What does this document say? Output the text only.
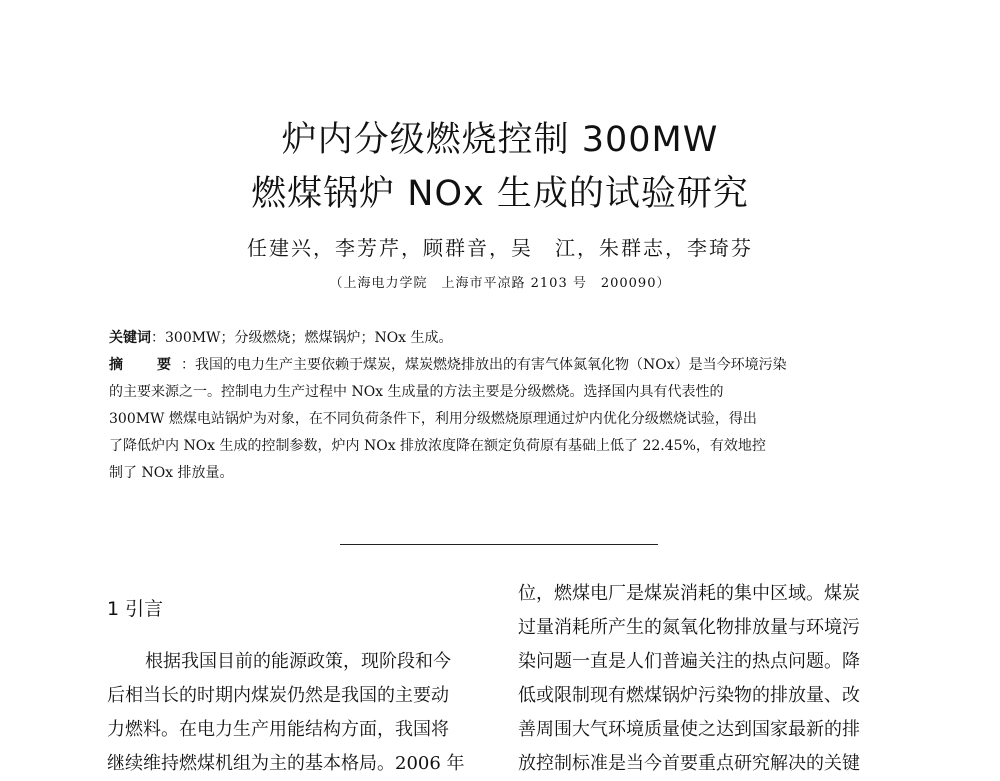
炉内分级燃烧控制 300MW
燃煤锅炉 NOx 生成的试验研究
任建兴，李芳芹，顾群音，吴　江，朱群志，李琦芬
（上海电力学院　上海市平凉路 2103 号　200090）
关键词：300MW；分级燃烧；燃煤锅炉；NOx 生成。
摘　要：我国的电力生产主要依赖于煤炭，煤炭燃烧排放出的有害气体氮氧化物（NOx）是当今环境污染
的主要来源之一。控制电力生产过程中 NOx 生成量的方法主要是分级燃烧。选择国内具有代表性的
300MW 燃煤电站锅炉为对象，在不同负荷条件下，利用分级燃烧原理通过炉内优化分级燃烧试验，得出
了降低炉内 NOx 生成的控制参数，炉内 NOx 排放浓度降在额定负荷原有基础上低了 22.45%，有效地控
制了 NOx 排放量。
1 引言
根据我国目前的能源政策，现阶段和今
后相当长的时期内煤炭仍然是我国的主要动
力燃料。在电力生产用能结构方面，我国将
继续维持燃煤机组为主的基本格局。2006 年
位，燃煤电厂是煤炭消耗的集中区域。煤炭
过量消耗所产生的氮氧化物排放量与环境污
染问题一直是人们普遍关注的热点问题。降
低或限制现有燃煤锅炉污染物的排放量、改
善周围大气环境质量使之达到国家最新的排
放控制标准是当今首要重点研究解决的关键
